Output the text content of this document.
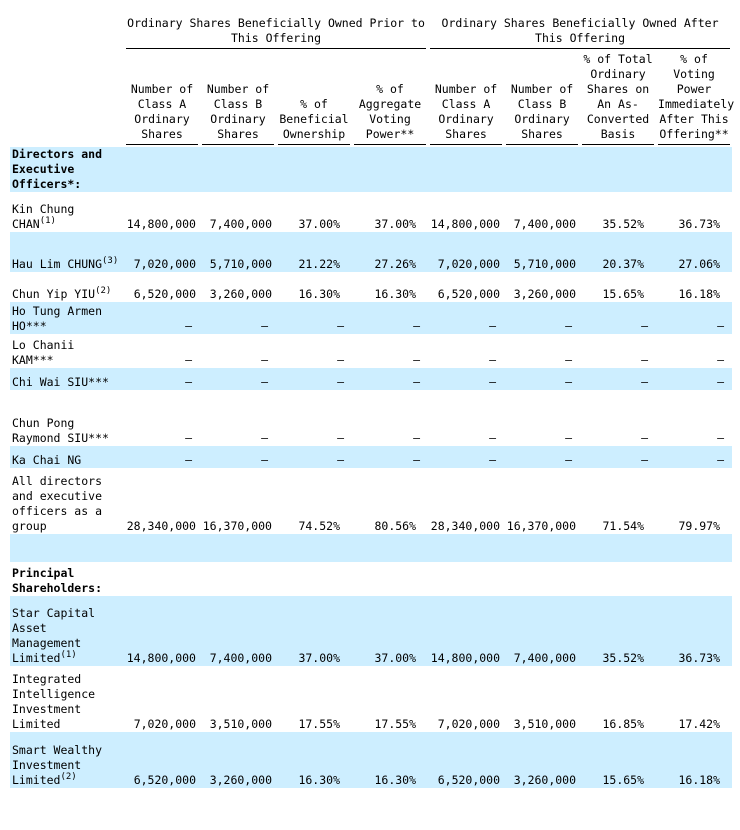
	Ordinary Shares Beneficially Owned Prior to This Offering				Ordinary Shares Beneficially Owned After This Offering			

	Number of Class A Ordinary Shares	Number of Class B Ordinary Shares	% of Beneficial Ownership	% of Aggregate Voting Power**	Number of Class A Ordinary Shares	Number of Class B Ordinary Shares	% of Total Ordinary Shares on An As- Converted Basis	% of Voting Power Immediately After This Offering**

Directors and Executive Officers*:								
Kin Chung CHAN$^{(1)}$	14,800,000	7,400,000	37.00%	37.00%	14,800,000	7,400,000	35.52%	36.73%
Hau Lim CHUNG$^{(3)}$	7,020,000	5,710,000	21.22%	27.26%	7,020,000	5,710,000	20.37%	27.06%
Chun Yip YIU$^{(2)}$	6,520,000	3,260,000	16.30%	16.30%	6,520,000	3,260,000	15.65%	16.18%
Ho Tung Armen HO***	—	—	—	—	—	—	—	—
Lo Chanii KAM***	—	—	—	—	—	—	—	—
Chi Wai SIU***	—	—	—	—	—	—	—	—
Chun Pong Raymond SIU***	—	—	—	—	—	—	—	—
Ka Chai NG	—	—	—	—	—	—	—	—
All directors and executive officers as a group	28,340,000	16,370,000	74.52%	80.56%	28,340,000	16,370,000	71.54%	79.97%

Principal Shareholders:								
Star Capital Asset Management Limited$^{(1)}$	14,800,000	7,400,000	37.00%	37.00%	14,800,000	7,400,000	35.52%	36.73%
Integrated Intelligence Investment Limited	7,020,000	3,510,000	17.55%	17.55%	7,020,000	3,510,000	16.85%	17.42%
Smart Wealthy Investment Limited$^{(2)}$	6,520,000	3,260,000	16.30%	16.30%	6,520,000	3,260,000	15.65%	16.18%
